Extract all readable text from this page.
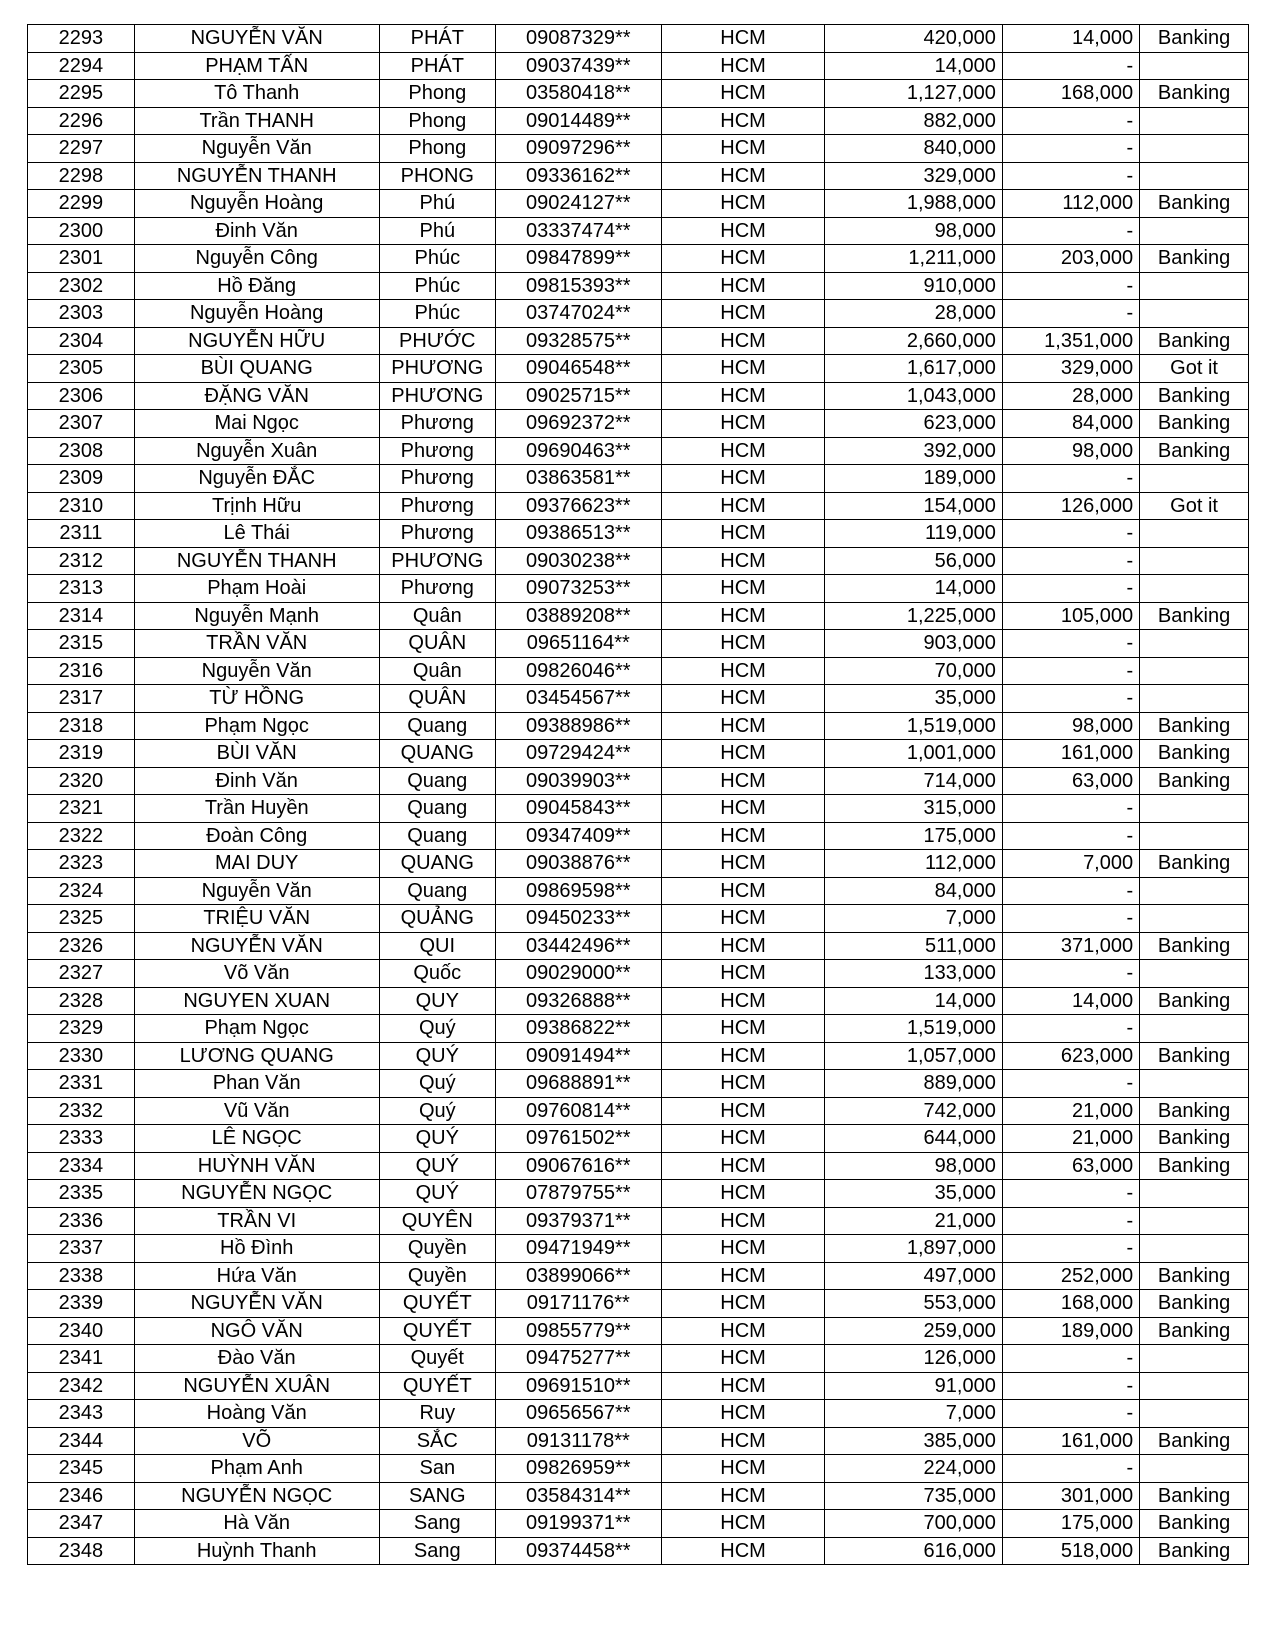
2293	NGUYỄN VĂN	PHÁT	09087329**	HCM	420,000	14,000	Banking
2294	PHẠM TẤN	PHÁT	09037439**	HCM	14,000	-	
2295	Tô Thanh	Phong	03580418**	HCM	1,127,000	168,000	Banking
2296	Trần THANH	Phong	09014489**	HCM	882,000	-	
2297	Nguyễn Văn	Phong	09097296**	HCM	840,000	-	
2298	NGUYỄN THANH	PHONG	09336162**	HCM	329,000	-	
2299	Nguyễn Hoàng	Phú	09024127**	HCM	1,988,000	112,000	Banking
2300	Đinh Văn	Phú	03337474**	HCM	98,000	-	
2301	Nguyễn Công	Phúc	09847899**	HCM	1,211,000	203,000	Banking
2302	Hồ Đăng	Phúc	09815393**	HCM	910,000	-	
2303	Nguyễn Hoàng	Phúc	03747024**	HCM	28,000	-	
2304	NGUYỄN HỮU	PHƯỚC	09328575**	HCM	2,660,000	1,351,000	Banking
2305	BÙI QUANG	PHƯƠNG	09046548**	HCM	1,617,000	329,000	Got it
2306	ĐẶNG VĂN	PHƯƠNG	09025715**	HCM	1,043,000	28,000	Banking
2307	Mai Ngọc	Phương	09692372**	HCM	623,000	84,000	Banking
2308	Nguyễn Xuân	Phương	09690463**	HCM	392,000	98,000	Banking
2309	Nguyễn ĐẮC	Phương	03863581**	HCM	189,000	-	
2310	Trịnh Hữu	Phương	09376623**	HCM	154,000	126,000	Got it
2311	Lê Thái	Phương	09386513**	HCM	119,000	-	
2312	NGUYỄN THANH	PHƯƠNG	09030238**	HCM	56,000	-	
2313	Phạm Hoài	Phương	09073253**	HCM	14,000	-	
2314	Nguyễn Mạnh	Quân	03889208**	HCM	1,225,000	105,000	Banking
2315	TRẦN VĂN	QUÂN	09651164**	HCM	903,000	-	
2316	Nguyễn Văn	Quân	09826046**	HCM	70,000	-	
2317	TỪ HỒNG	QUÂN	03454567**	HCM	35,000	-	
2318	Phạm Ngọc	Quang	09388986**	HCM	1,519,000	98,000	Banking
2319	BÙI VĂN	QUANG	09729424**	HCM	1,001,000	161,000	Banking
2320	Đinh Văn	Quang	09039903**	HCM	714,000	63,000	Banking
2321	Trần Huyền	Quang	09045843**	HCM	315,000	-	
2322	Đoàn Công	Quang	09347409**	HCM	175,000	-	
2323	MAI DUY	QUANG	09038876**	HCM	112,000	7,000	Banking
2324	Nguyễn Văn	Quang	09869598**	HCM	84,000	-	
2325	TRIỆU VĂN	QUẢNG	09450233**	HCM	7,000	-	
2326	NGUYỄN VĂN	QUI	03442496**	HCM	511,000	371,000	Banking
2327	Võ Văn	Quốc	09029000**	HCM	133,000	-	
2328	NGUYEN XUAN	QUY	09326888**	HCM	14,000	14,000	Banking
2329	Phạm Ngọc	Quý	09386822**	HCM	1,519,000	-	
2330	LƯƠNG QUANG	QUÝ	09091494**	HCM	1,057,000	623,000	Banking
2331	Phan Văn	Quý	09688891**	HCM	889,000	-	
2332	Vũ Văn	Quý	09760814**	HCM	742,000	21,000	Banking
2333	LÊ NGỌC	QUÝ	09761502**	HCM	644,000	21,000	Banking
2334	HUỲNH VĂN	QUÝ	09067616**	HCM	98,000	63,000	Banking
2335	NGUYỄN NGỌC	QUÝ	07879755**	HCM	35,000	-	
2336	TRẦN VI	QUYÊN	09379371**	HCM	21,000	-	
2337	Hồ Đình	Quyền	09471949**	HCM	1,897,000	-	
2338	Hứa Văn	Quyền	03899066**	HCM	497,000	252,000	Banking
2339	NGUYỄN VĂN	QUYẾT	09171176**	HCM	553,000	168,000	Banking
2340	NGÔ VĂN	QUYẾT	09855779**	HCM	259,000	189,000	Banking
2341	Đào Văn	Quyết	09475277**	HCM	126,000	-	
2342	NGUYỄN XUÂN	QUYẾT	09691510**	HCM	91,000	-	
2343	Hoàng Văn	Ruy	09656567**	HCM	7,000	-	
2344	VÕ	SẮC	09131178**	HCM	385,000	161,000	Banking
2345	Phạm Anh	San	09826959**	HCM	224,000	-	
2346	NGUYỄN NGỌC	SANG	03584314**	HCM	735,000	301,000	Banking
2347	Hà Văn	Sang	09199371**	HCM	700,000	175,000	Banking
2348	Huỳnh Thanh	Sang	09374458**	HCM	616,000	518,000	Banking
